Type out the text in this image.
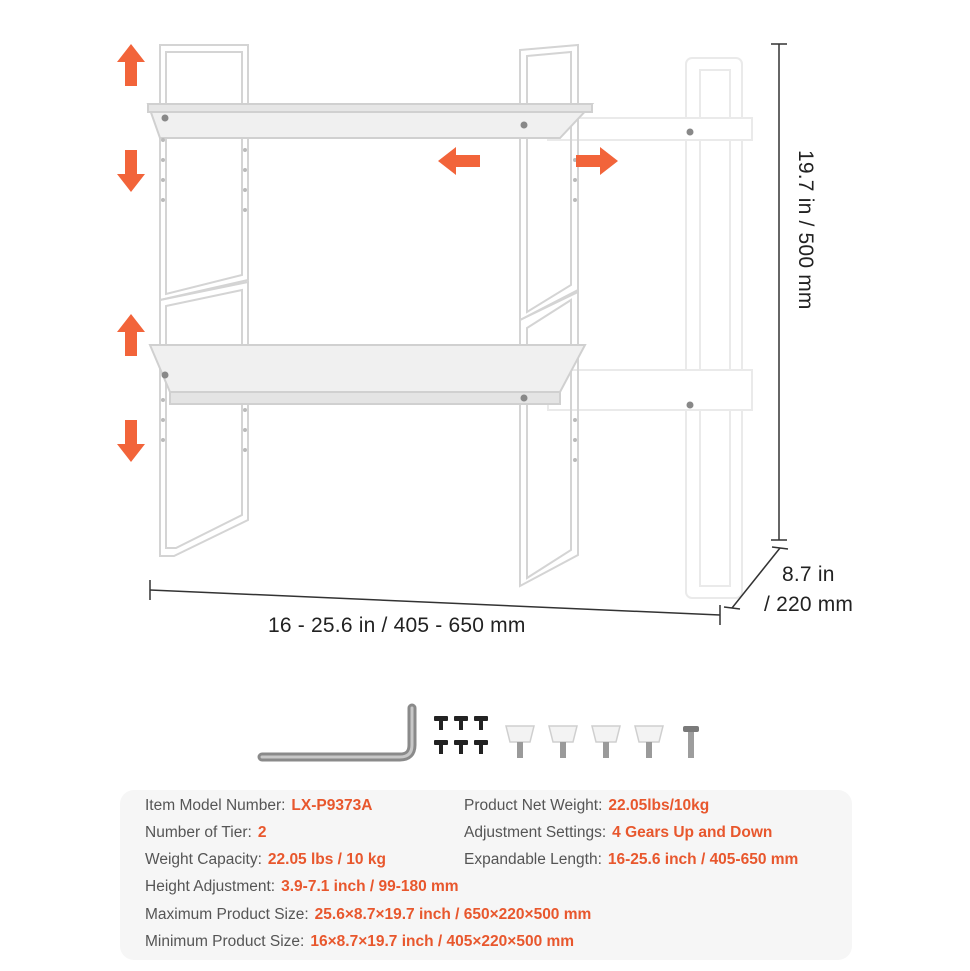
19.7 in / 500 mm
16 - 25.6 in / 405 - 650 mm
8.7 in
/ 220 mm
Item Model Number: LX-P9373A
Number of Tier: 2
Weight Capacity: 22.05 lbs / 10 kg
Height Adjustment: 3.9-7.1 inch / 99-180 mm
Maximum Product Size: 25.6×8.7×19.7 inch / 650×220×500 mm
Minimum Product Size: 16×8.7×19.7 inch / 405×220×500 mm
Product Net Weight: 22.05lbs/10kg
Adjustment Settings: 4 Gears Up and Down
Expandable Length: 16-25.6 inch / 405-650 mm
